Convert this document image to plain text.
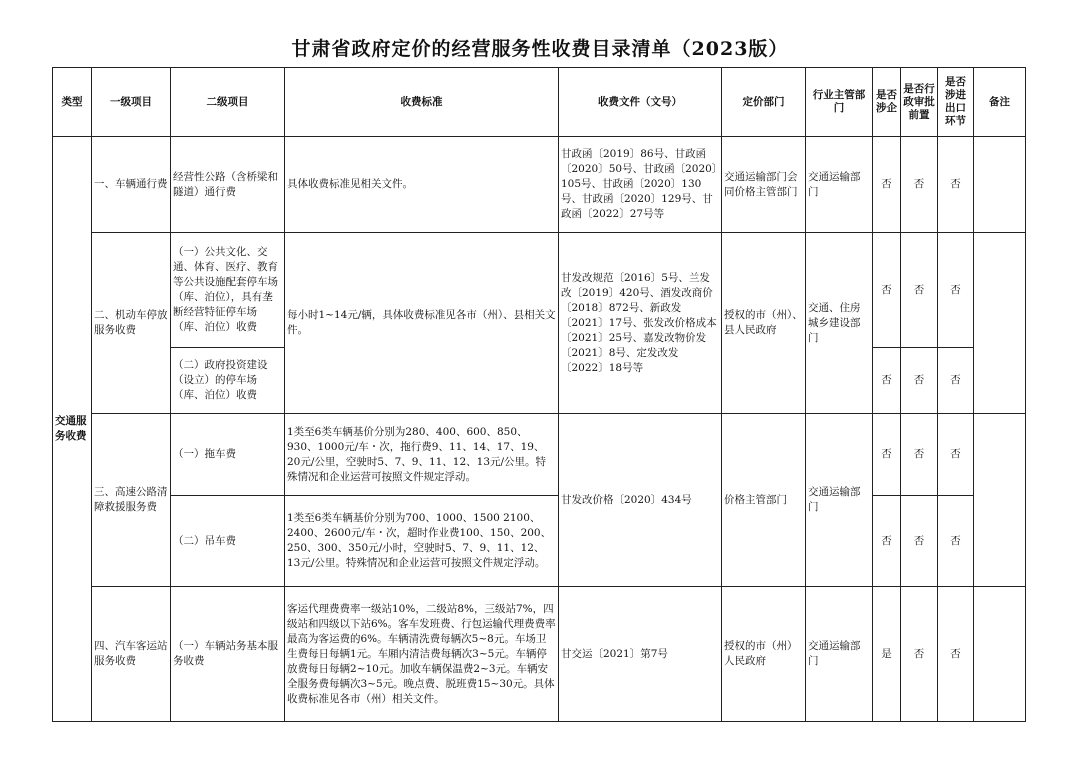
甘肃省政府定价的经营服务性收费目录清单（2023版）
类型	一级项目	二级项目	收费标准	收费文件（文号）	定价部门	行业主管部门	是否涉企	是否行政审批前置	是否涉进出口环节	备注
交通服务收费	一、车辆通行费	经营性公路（含桥梁和隧道）通行费	具体收费标准见相关文件。	甘政函〔2019〕86号、甘政函〔2020〕50号、甘政函〔2020〕105号、甘政函〔2020〕130号、甘政函〔2020〕129号、甘政函〔2022〕27号等	交通运输部门会同价格主管部门	交通运输部门	否	否	否	
	二、机动车停放服务收费	（一）公共文化、交通、体育、医疗、教育等公共设施配套停车场（库、泊位），具有垄断经营特征停车场（库、泊位）收费	每小时1~14元/辆，具体收费标准见各市（州）、县相关文件。	甘发改规范〔2016〕5号、兰发改〔2019〕420号、酒发改商价〔2018〕872号、新政发〔2021〕17号、张发改价格成本〔2021〕25号、嘉发改物价发〔2021〕8号、定发改发〔2022〕18号等	授权的市（州）、县人民政府	交通、住房城乡建设部门	否	否	否	
		（二）政府投资建设（设立）的停车场（库、泊位）收费					否	否	否	
	三、高速公路清障救援服务费	（一）拖车费	1类至6类车辆基价分别为280、400、600、850、930、1000元/车・次，拖行费9、11、14、17、19、20元/公里，空驶时5、7、9、11、12、13元/公里。特殊情况和企业运营可按照文件规定浮动。	甘发改价格〔2020〕434号	价格主管部门	交通运输部门	否	否	否	
		（二）吊车费	1类至6类车辆基价分别为700、1000、1500 2100、2400、2600元/车・次，超时作业费100、150、200、250、300、350元/小时，空驶时5、7、9、11、12、13元/公里。特殊情况和企业运营可按照文件规定浮动。				否	否	否	
	四、汽车客运站服务收费	（一）车辆站务基本服务收费	客运代理费费率一级站10%，二级站8%，三级站7%，四级站和四级以下站6%。客车发班费、行包运输代理费费率最高为客运费的6%。车辆清洗费每辆次5~8元。车场卫生费每日每辆1元。车厢内清洁费每辆次3~5元。车辆停放费每日每辆2~10元。加收车辆保温费2~3元。车辆安全服务费每辆次3~5元。晚点费、脱班费15~30元。具体收费标准见各市（州）相关文件。	甘交运〔2021〕第7号	授权的市（州）人民政府	交通运输部门	是	否	否	
